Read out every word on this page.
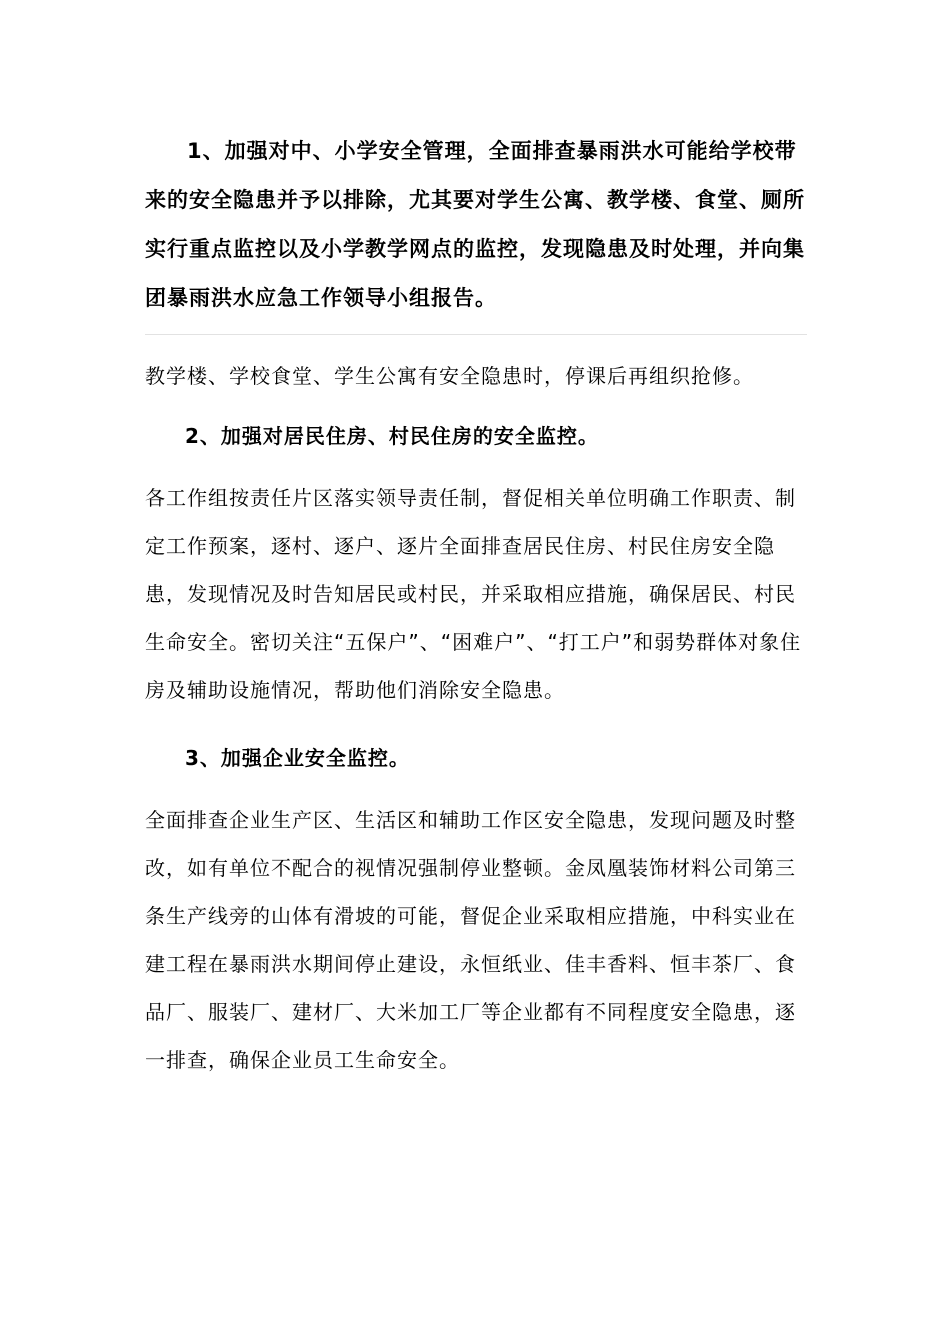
1、加强对中、小学安全管理，全面排查暴雨洪水可能给学校带来的安全隐患并予以排除，尤其要对学生公寓、教学楼、食堂、厕所实行重点监控以及小学教学网点的监控，发现隐患及时处理，并向集团暴雨洪水应急工作领导小组报告。

教学楼、学校食堂、学生公寓有安全隐患时，停课后再组织抢修。

2、加强对居民住房、村民住房的安全监控。

各工作组按责任片区落实领导责任制，督促相关单位明确工作职责、制定工作预案，逐村、逐户、逐片全面排查居民住房、村民住房安全隐患，发现情况及时告知居民或村民，并采取相应措施，确保居民、村民生命安全。密切关注“五保户”、“困难户”、“打工户”和弱势群体对象住房及辅助设施情况，帮助他们消除安全隐患。

3、加强企业安全监控。

全面排查企业生产区、生活区和辅助工作区安全隐患，发现问题及时整改，如有单位不配合的视情况强制停业整顿。金凤凰装饰材料公司第三条生产线旁的山体有滑坡的可能，督促企业采取相应措施，中科实业在建工程在暴雨洪水期间停止建设，永恒纸业、佳丰香料、恒丰茶厂、食品厂、服装厂、建材厂、大米加工厂等企业都有不同程度安全隐患，逐一排查，确保企业员工生命安全。
